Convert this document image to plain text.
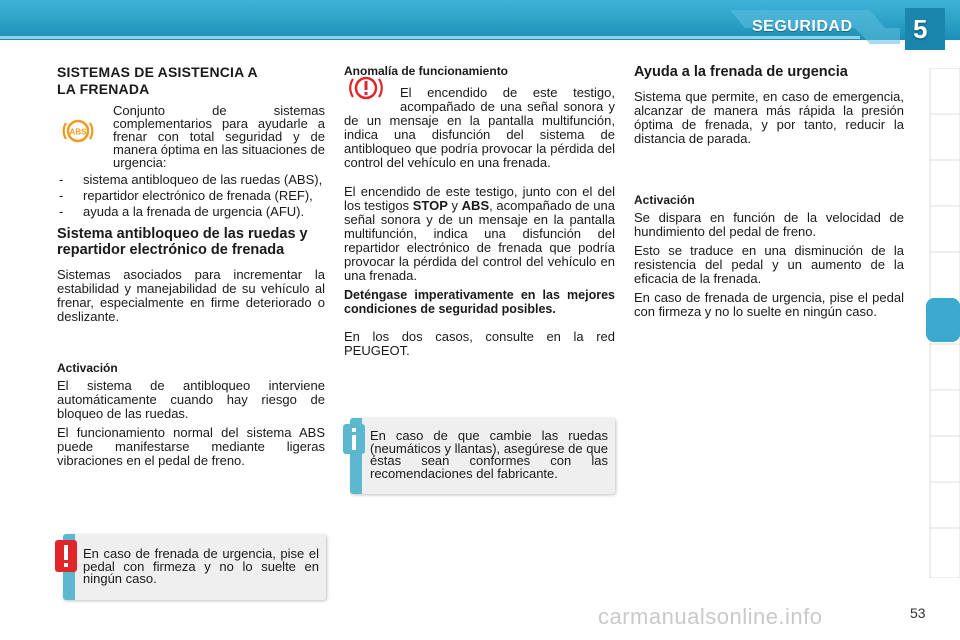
SEGURIDAD 5
SISTEMAS DE ASISTENCIA A
LA FRENADA
ABS

Conjunto de sistemas complementarios para ayudarle a frenar con total seguridad y de manera óptima en las situaciones de urgencia:

- sistema antibloqueo de las ruedas (ABS),
- repartidor electrónico de frenada (REF),
- ayuda a la frenada de urgencia (AFU).
Sistema antibloqueo de las ruedas y repartidor electrónico de frenada

Sistemas asociados para incrementar la estabilidad y manejabilidad de su vehículo al frenar, especialmente en firme deteriorado o deslizante.

Activación

El sistema de antibloqueo interviene automáticamente cuando hay riesgo de bloqueo de las ruedas.

El funcionamiento normal del sistema ABS puede manifestarse mediante ligeras vibraciones en el pedal de freno.

En caso de frenada de urgencia, pise el pedal con firmeza y no lo suelte en ningún caso.

Anomalía de funcionamiento

El encendido de este testigo, acompañado de una señal sonora y de un mensaje en la pantalla multifunción, indica una disfunción del sistema de antibloqueo que podría provocar la pérdida del control del vehículo en una frenada.

El encendido de este testigo, junto con el del los testigos STOP y ABS, acompañado de una señal sonora y de un mensaje en la pantalla multifunción, indica una disfunción del repartidor electrónico de frenada que podría provocar la pérdida del control del vehículo en una frenada.

Deténgase imperativamente en las mejores condiciones de seguridad posibles.

En los dos casos, consulte en la red PEUGEOT.

En caso de que cambie las ruedas (neumáticos y llantas), asegúrese de que éstas sean conformes con las recomendaciones del fabricante.

Ayuda a la frenada de urgencia

Sistema que permite, en caso de emergencia, alcanzar de manera más rápida la presión óptima de frenada, y por tanto, reducir la distancia de parada.

Activación

Se dispara en función de la velocidad de hundimiento del pedal de freno.

Esto se traduce en una disminución de la resistencia del pedal y un aumento de la eficacia de la frenada.

En caso de frenada de urgencia, pise el pedal con firmeza y no lo suelte en ningún caso.

carmanualsonline.info	53
